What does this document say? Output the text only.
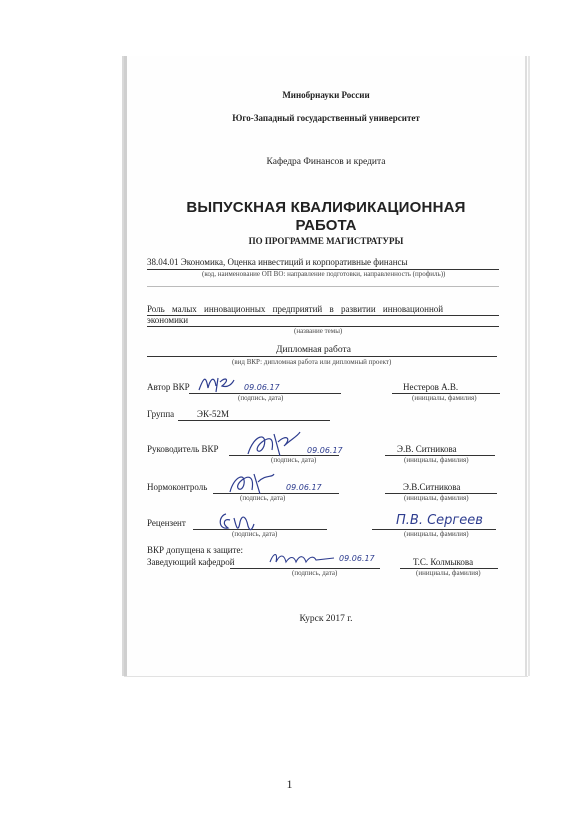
Минобрнауки России
Юго-Западный государственный университет
Кафедра Финансов и кредита
ВЫПУСКНАЯ КВАЛИФИКАЦИОННАЯ
РАБОТА
ПО ПРОГРАММЕ МАГИСТРАТУРЫ
38.04.01 Экономика, Оценка инвестиций и корпоративные финансы
(код, наименование ОП ВО: направление подготовки, направленность (профиль))
Роль малых инновационных предприятий в развитии инновационной
экономики
(название темы)
Дипломная работа
(вид ВКР: дипломная работа или дипломный проект)
Автор ВКР	09.06.17
(подпись, дата)
Нестеров А.В.
(инициалы, фамилия)
Группа	ЭК-52М
Руководитель ВКР	09.06.17
(подпись, дата)
Э.В. Ситникова
(инициалы, фамилия)
Нормоконтроль	09.06.17
(подпись, дата)
Э.В.Ситникова
(инициалы, фамилия)
Рецензент
(подпись, дата)
П.В. Сергеев
(инициалы, фамилия)
ВКР допущена к защите:
Заведующий кафедрой	09.06.17
(подпись, дата)
Т.С. Колмыкова
(инициалы, фамилия)
Курск 2017 г.
1
